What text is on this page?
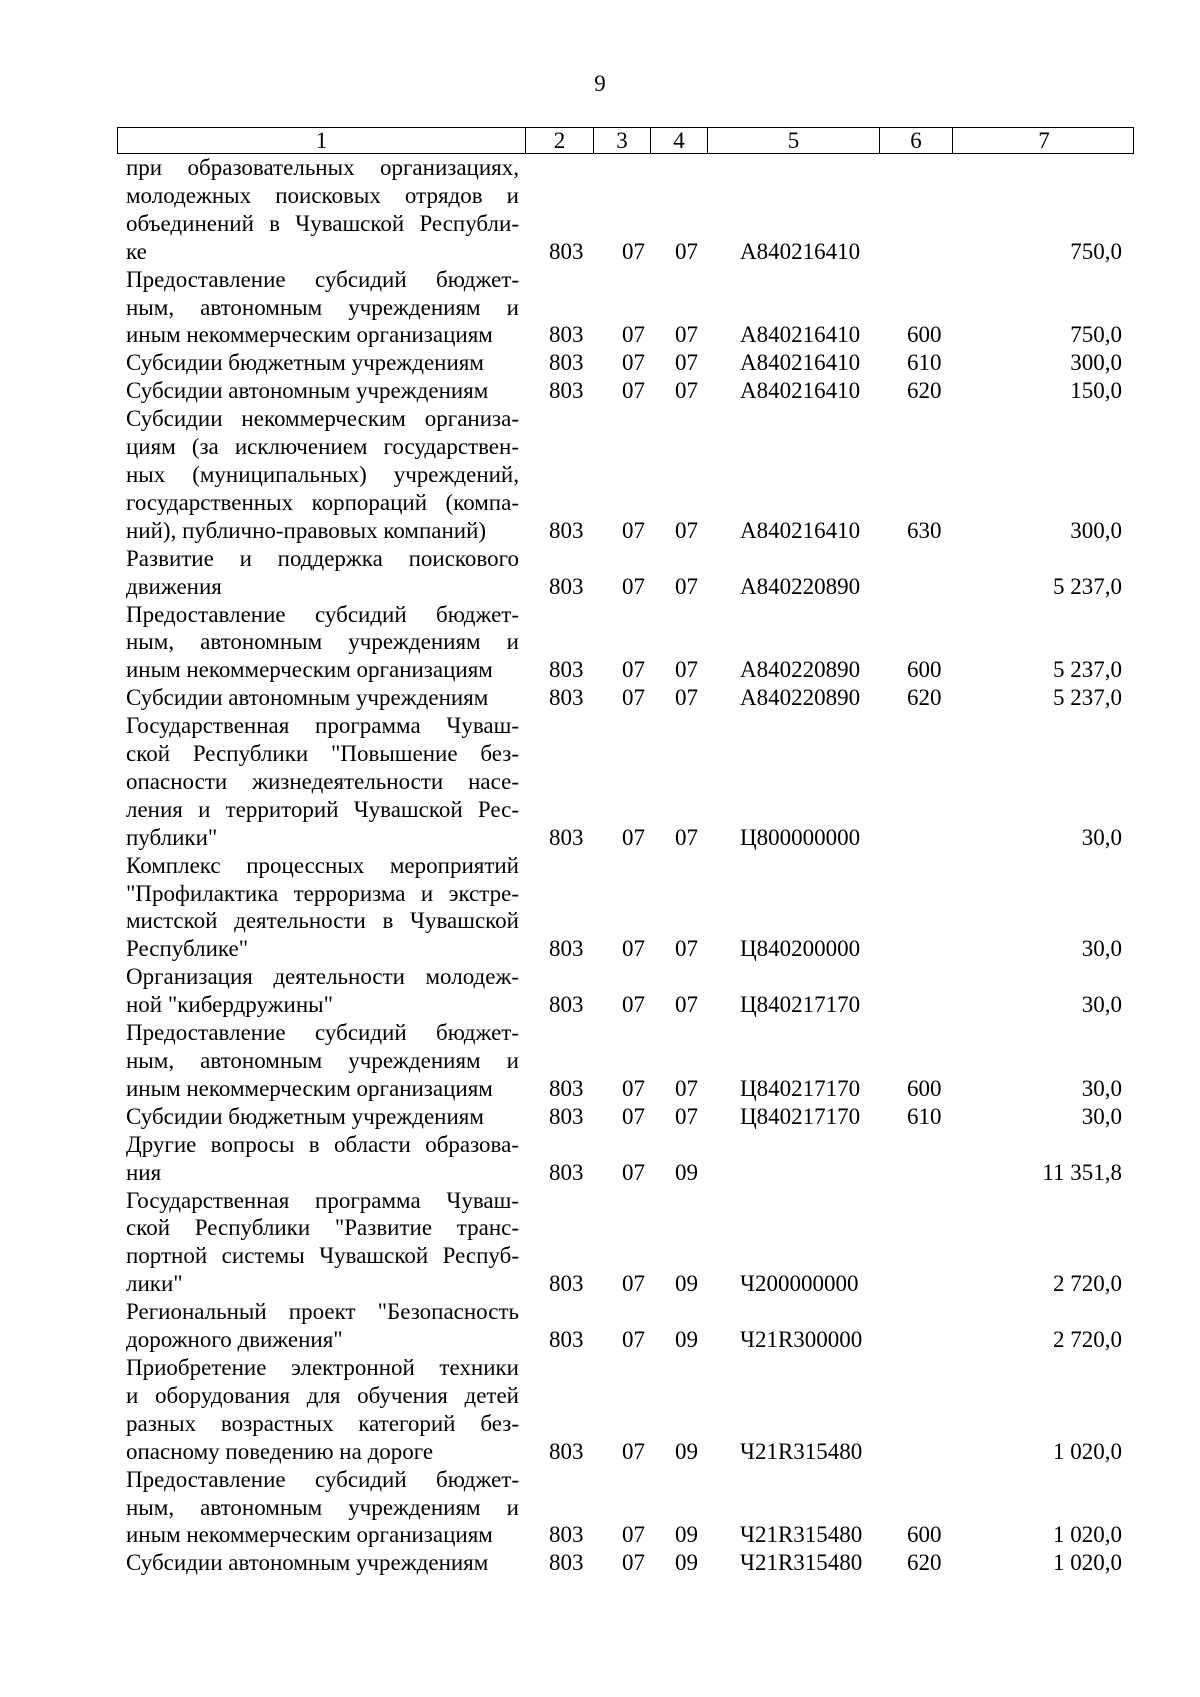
9
1	2	3	4	5	6	7
при образовательных организациях,
молодежных поисковых отрядов и
объединений в Чувашской Республи-
ке	803 07 07 А840216410	750,0
Предоставление субсидий бюджет-
ным, автономным учреждениям и
иным некоммерческим организациям	803 07 07 А840216410 600	750,0
Субсидии бюджетным учреждениям	803 07 07 А840216410 610	300,0
Субсидии автономным учреждениям	803 07 07 А840216410 620	150,0
Субсидии некоммерческим организа-
циям (за исключением государствен-
ных (муниципальных) учреждений,
государственных корпораций (компа-
ний), публично-правовых компаний)	803 07 07 А840216410 630	300,0
Развитие и поддержка поискового
движения	803 07 07 А840220890	5 237,0
Предоставление субсидий бюджет-
ным, автономным учреждениям и
иным некоммерческим организациям	803 07 07 А840220890 600	5 237,0
Субсидии автономным учреждениям	803 07 07 А840220890 620	5 237,0
Государственная программа Чуваш-
ской Республики "Повышение без-
опасности жизнедеятельности насе-
ления и территорий Чувашской Рес-
публики"	803 07 07 Ц800000000	30,0
Комплекс процессных мероприятий
"Профилактика терроризма и экстре-
мистской деятельности в Чувашской
Республике"	803 07 07 Ц840200000	30,0
Организация деятельности молодеж-
ной "кибердружины"	803 07 07 Ц840217170	30,0
Предоставление субсидий бюджет-
ным, автономным учреждениям и
иным некоммерческим организациям	803 07 07 Ц840217170 600	30,0
Субсидии бюджетным учреждениям	803 07 07 Ц840217170 610	30,0
Другие вопросы в области образова-
ния	803 07 09	11 351,8
Государственная программа Чуваш-
ской Республики "Развитие транс-
портной системы Чувашской Респуб-
лики"	803 07 09 Ч200000000	2 720,0
Региональный проект "Безопасность
дорожного движения"	803 07 09 Ч21R300000	2 720,0
Приобретение электронной техники
и оборудования для обучения детей
разных возрастных категорий без-
опасному поведению на дороге	803 07 09 Ч21R315480	1 020,0
Предоставление субсидий бюджет-
ным, автономным учреждениям и
иным некоммерческим организациям	803 07 09 Ч21R315480 600	1 020,0
Субсидии автономным учреждениям	803 07 09 Ч21R315480 620	1 020,0
